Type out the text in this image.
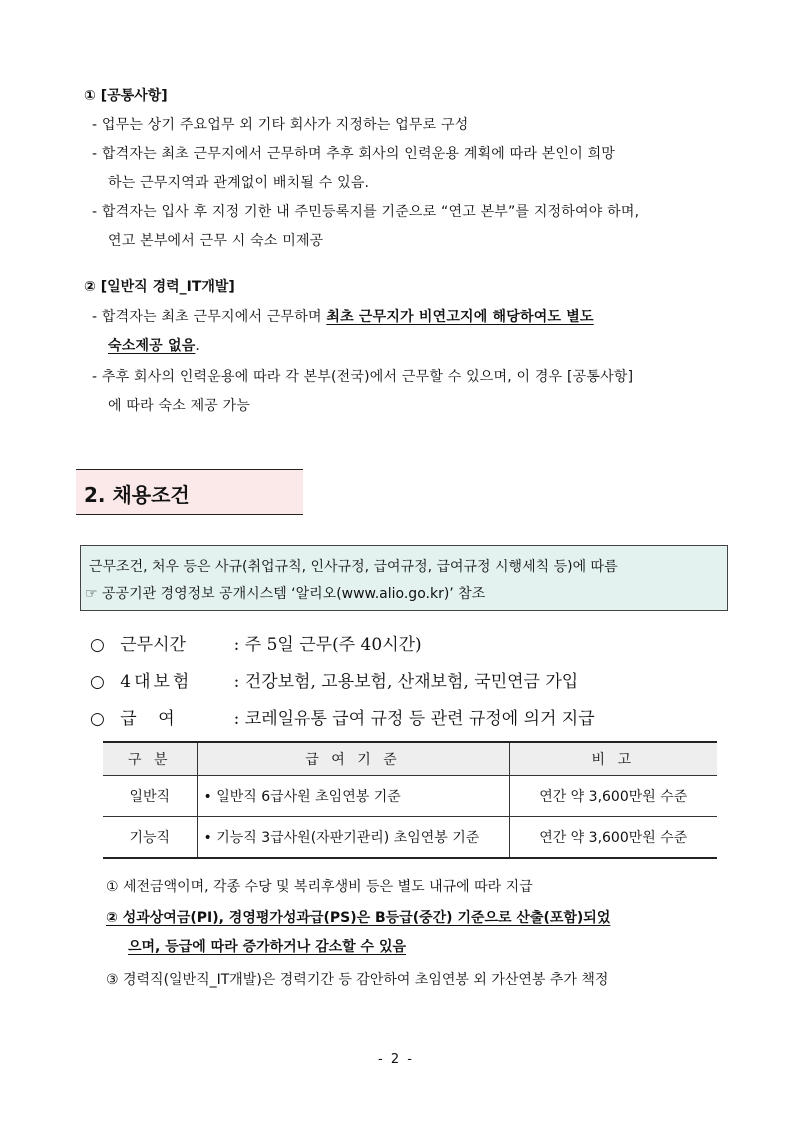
① [공통사항]
- 업무는 상기 주요업무 외 기타 회사가 지정하는 업무로 구성
- 합격자는 최초 근무지에서 근무하며 추후 회사의 인력운용 계획에 따라 본인이 희망
하는 근무지역과 관계없이 배치될 수 있음.
- 합격자는 입사 후 지정 기한 내 주민등록지를 기준으로 “연고 본부”를 지정하여야 하며,
연고 본부에서 근무 시 숙소 미제공
② [일반직 경력_IT개발]
- 합격자는 최초 근무지에서 근무하며 최초 근무지가 비연고지에 해당하여도 별도
숙소제공 없음.
- 추후 회사의 인력운용에 따라 각 본부(전국)에서 근무할 수 있으며, 이 경우 [공통사항]
에 따라 숙소 제공 가능
2. 채용조건
근무조건, 처우 등은 사규(취업규칙, 인사규정, 급여규정, 급여규정 시행세칙 등)에 따름
☞ 공공기관 경영정보 공개시스템 ‘알리오(www.alio.go.kr)’ 참조
○ 근무시간	: 주 5일 근무(주 40시간)
○ 4대보험 : 건강보험, 고용보험, 산재보험, 국민연금 가입
○ 급    여	: 코레일유통 급여 규정 등 관련 규정에 의거 지급
구 분	급 여 기 준	비 고
일반직	• 일반직 6급사원 초임연봉 기준	연간 약 3,600만원 수준
기능직	• 기능직 3급사원(자판기관리) 초임연봉 기준	연간 약 3,600만원 수준
① 세전금액이며, 각종 수당 및 복리후생비 등은 별도 내규에 따라 지급
② 성과상여금(PI), 경영평가성과급(PS)은 B등급(중간) 기준으로 산출(포함)되었
으며, 등급에 따라 증가하거나 감소할 수 있음
③ 경력직(일반직_IT개발)은 경력기간 등 감안하여 초임연봉 외 가산연봉 추가 책정
- 2 -
